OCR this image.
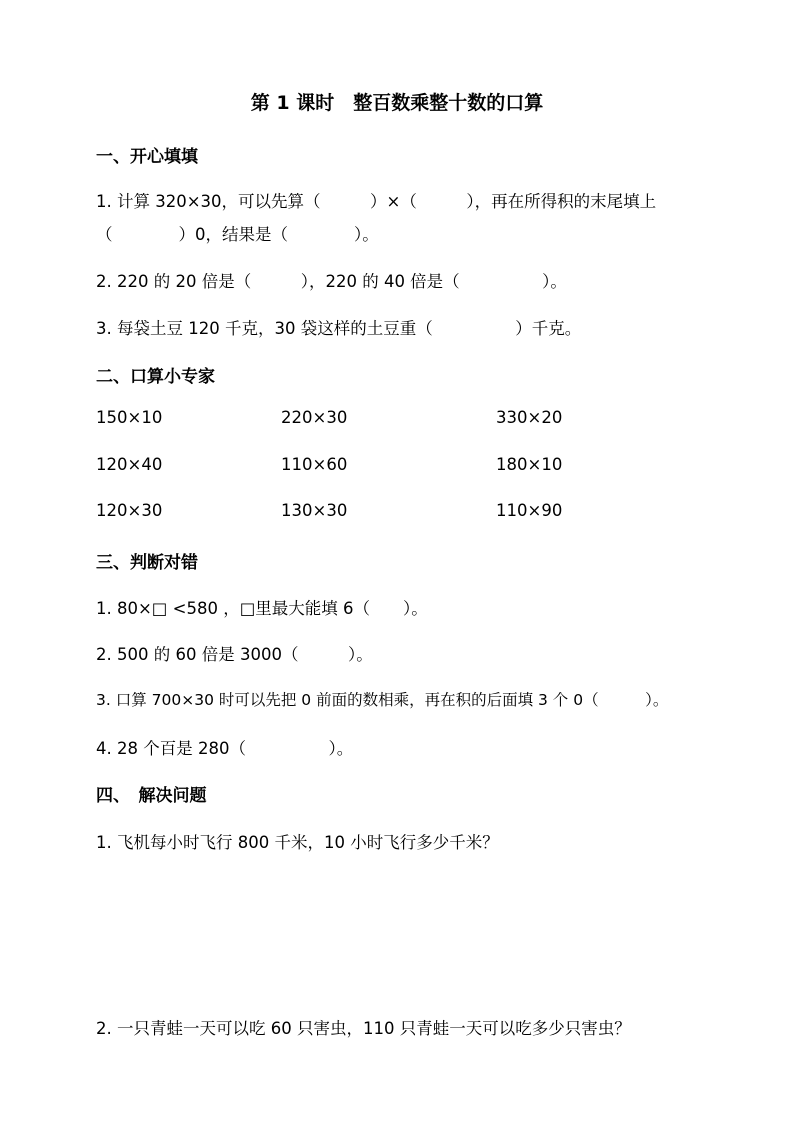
第 1 课时　整百数乘整十数的口算
一、开心填填
1. 计算 320×30，可以先算（　　　）×（　　　），再在所得积的末尾填上
（　　　　）0，结果是（　　　　）。
2. 220 的 20 倍是（　　　），220 的 40 倍是（　　　　　）。
3. 每袋土豆 120 千克，30 袋这样的土豆重（　　　　　）千克。
二、口算小专家
150×10	220×30	330×20
120×40	110×60	180×10
120×30	130×30	110×90
三、判断对错
1. 80×□ <580 ，□里最大能填 6（　　）。
2. 500 的 60 倍是 3000（　　　）。
3. 口算 700×30 时可以先把 0 前面的数相乘，再在积的后面填 3 个 0（　　　）。
4. 28 个百是 280（　　　　　）。
四、　解决问题
1. 飞机每小时飞行 800 千米，10 小时飞行多少千米？
2. 一只青蛙一天可以吃 60 只害虫，110 只青蛙一天可以吃多少只害虫？
